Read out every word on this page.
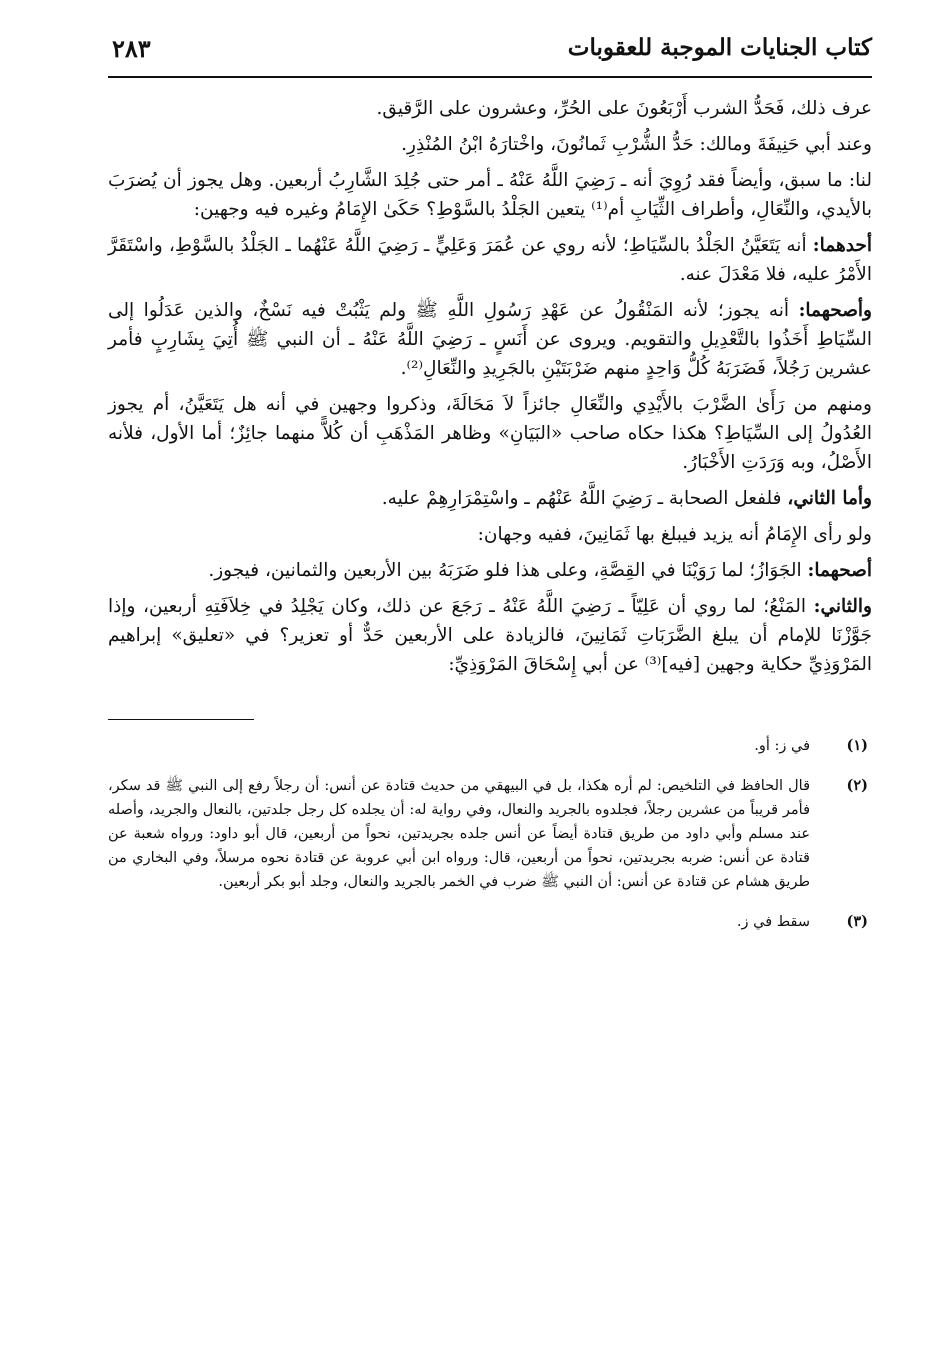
كتاب الجنايات الموجبة للعقوبات
٢٨٣

عرف ذلك، فَحَدُّ الشرب أَرْبَعُونَ على الحُرِّ، وعشرون على الرَّقيق.

وعند أبي حَنِيفَةَ ومالك: حَدُّ الشُّرْبِ ثَمانُونَ، واخْتارَهُ ابْنُ المُنْذِرِ.

لنا: ما سبق، وأيضاً فقد رُوِيَ أنه ـ رَضِيَ اللَّهُ عَنْهُ ـ أمر حتى جُلِدَ الشَّارِبُ أربعين. وهل يجوز أن يُضرَبَ بالأيدي، والنِّعَالِ، وأطراف الثِّيَابِ أم⁽¹⁾ يتعين الجَلْدُ بالسَّوْطِ؟ حَكَىٰ الإِمَامُ وغيره فيه وجهين:

أحدهما: أنه يَتَعَيَّنُ الجَلْدُ بالسِّيَاطِ؛ لأنه روي عن عُمَرَ وَعَلِيٍّ ـ رَضِيَ اللَّهُ عَنْهُما ـ الجَلْدُ بالسَّوْطِ، واسْتَقَرَّ الأَمْرُ عليه، فلا مَعْدَلَ عنه.

وأصحهما: أنه يجوز؛ لأنه المَنْقُولُ عن عَهْدِ رَسُولِ اللَّهِ ﷺ ولم يَثْبُتْ فيه نَسْخٌ، والذين عَدَلُوا إلى السِّيَاطِ أَخَذُوا بالتَّعْدِيلِ والتقويم. ويروى عن أَنَسٍ ـ رَضِيَ اللَّهُ عَنْهُ ـ أن النبي ﷺ أُتِيَ بِشَارِبٍ فأمر عشرين رَجُلاً، فَضَرَبَهُ كُلُّ وَاحِدٍ منهم ضَرْبَتَيْنِ بالجَرِيدِ والنِّعَالِ⁽²⁾.

ومنهم من رَأَىٰ الضَّرْبَ بالأَيْدِي والنِّعَالِ جائزاً لاَ مَحَالَةَ، وذكروا وجهين في أنه هل يَتَعَيَّنُ، أم يجوز العُدُولُ إلى السِّيَاطِ؟ هكذا حكاه صاحب «البَيَانِ» وظاهر المَذْهَبِ أن كُلاًّ منهما جائِزٌ؛ أما الأول، فلأنه الأَصْلُ، وبه وَرَدَتِ الأَخْبَارُ.

وأما الثاني، فلفعل الصحابة ـ رَضِيَ اللَّهُ عَنْهُم ـ واسْتِمْرَارِهِمْ عليه.

ولو رأى الإِمَامُ أنه يزيد فيبلغ بها ثَمَانِينَ، ففيه وجهان:

أصحهما: الجَوَازُ؛ لما رَوَيْنَا في القِصَّةِ، وعلى هذا فلو ضَرَبَهُ بين الأربعين والثمانين، فيجوز.

والثاني: المَنْعُ؛ لما روي أن عَلِيّاً ـ رَضِيَ اللَّهُ عَنْهُ ـ رَجَعَ عن ذلك، وكان يَجْلِدُ في خِلاَفَتِهِ أربعين، وإذا جَوَّزْنَا للإمام أن يبلغ الضَّرَبَاتِ ثَمَانِينَ، فالزيادة على الأربعين حَدٌّ أو تعزير؟ في «تعليق» إبراهيم المَرْوَذِيِّ حكاية وجهين [فيه]⁽³⁾ عن أبي إِسْحَاقَ المَرْوَذِيِّ:

(١)
في ز: أو.
(٢)
قال الحافظ في التلخيص: لم أره هكذا، بل في البيهقي من حديث قتادة عن أنس: أن رجلاً رفع إلى النبي ﷺ قد سكر، فأمر قريباً من عشرين رجلاً، فجلدوه بالجريد والنعال، وفي رواية له: أن يجلده كل رجل جلدتين، بالنعال والجريد، وأصله عند مسلم وأبي داود من طريق قتادة أيضاً عن أنس جلده بجريدتين، نحواً من أربعين، قال أبو داود: ورواه شعبة عن قتادة عن أنس: ضربه بجريدتين، نحواً من أربعين، قال: ورواه ابن أبي عروبة عن قتادة نحوه مرسلاً، وفي البخاري من طريق هشام عن قتادة عن أنس: أن النبي ﷺ ضرب في الخمر بالجريد والنعال، وجلد أبو بكر أربعين.
(٣)
سقط في ز.
